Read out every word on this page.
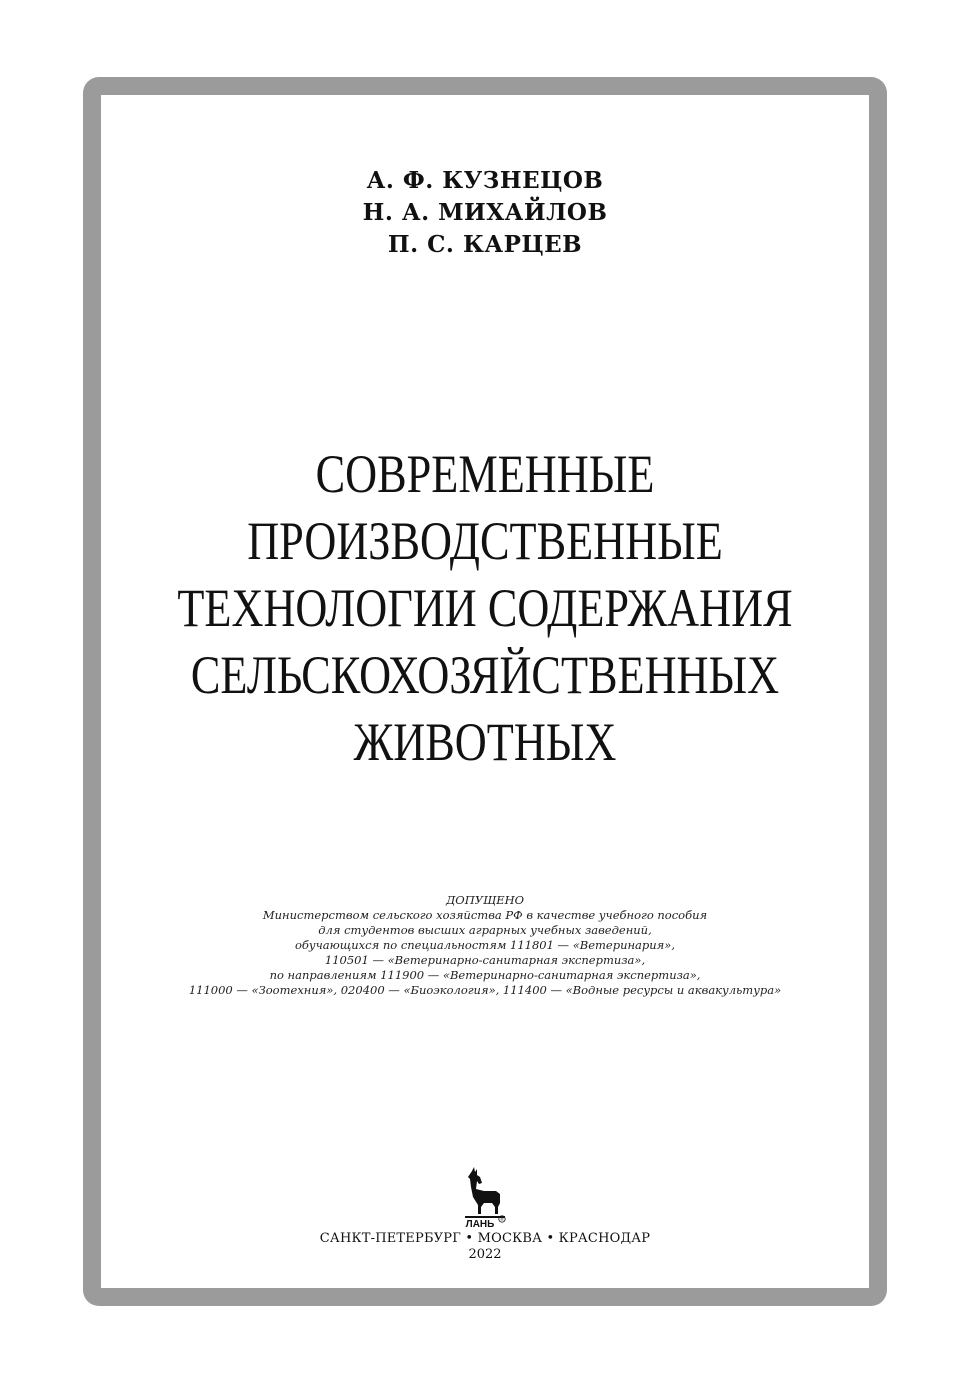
А. Ф. КУЗНЕЦОВ
Н. А. МИХАЙЛОВ
П. С. КАРЦЕВ
СОВРЕМЕННЫЕ
ПРОИЗВОДСТВЕННЫЕ
ТЕХНОЛОГИИ СОДЕРЖАНИЯ
СЕЛЬСКОХОЗЯЙСТВЕННЫХ
ЖИВОТНЫХ
ДОПУЩЕНО
Министерством сельского хозяйства РФ в качестве учебного пособия
для студентов высших аграрных учебных заведений,
обучающихся по специальностям 111801 — «Ветеринария»,
110501 — «Ветеринарно-санитарная экспертиза»,
по направлениям 111900 — «Ветеринарно-санитарная экспертиза»,
111000 — «Зоотехния», 020400 — «Биоэкология», 111400 — «Водные ресурсы и аквакультура»
ЛАНЬ ®
САНКТ-ПЕТЕРБУРГ • МОСКВА • КРАСНОДАР
2022
